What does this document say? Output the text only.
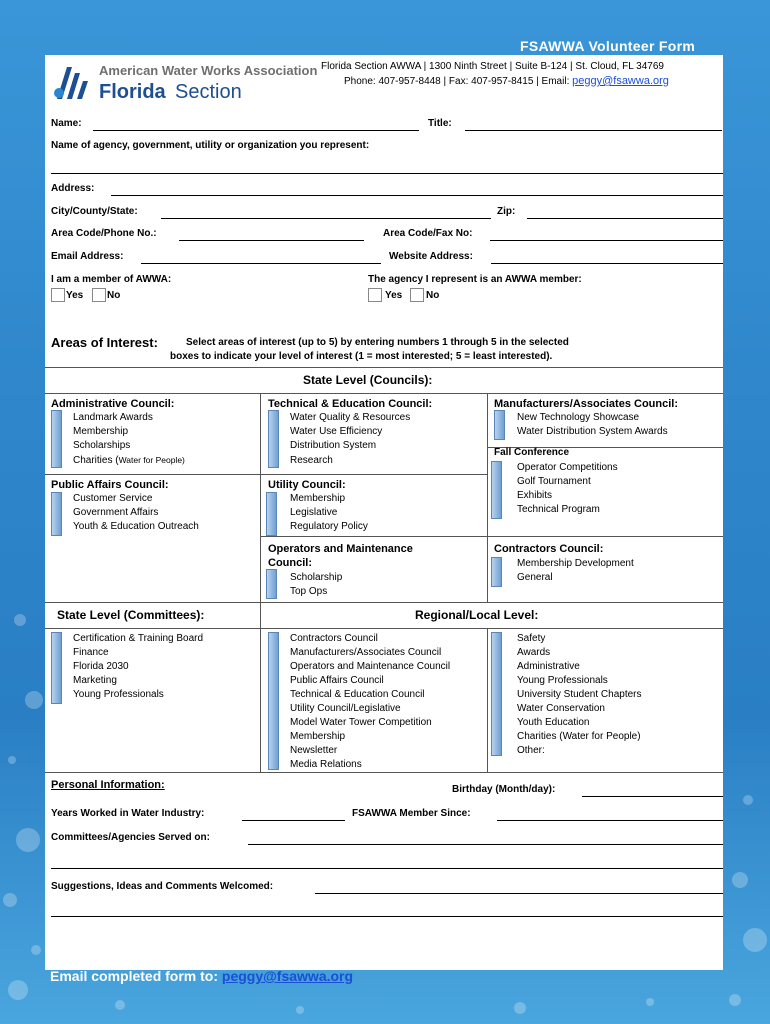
FSAWWA Volunteer Form
American Water Works Association
Florida Section
Florida Section AWWA | 1300 Ninth Street | Suite B-124 | St. Cloud, FL 34769
Phone: 407-957-8448 | Fax: 407-957-8415 | Email: peggy@fsawwa.org
Name:	Title:
Name of agency, government, utility or organization you represent:
Address:
City/County/State:	Zip:
Area Code/Phone No.:	Area Code/Fax No:
Email Address:	Website Address:
I am a member of AWWA:
Yes No
The agency I represent is an AWWA member:
Yes No
Areas of Interest:	Select areas of interest (up to 5) by entering numbers 1 through 5 in the selected
boxes to indicate your level of interest (1 = most interested; 5 = least interested).
State Level (Councils):
Administrative Council:
Landmark Awards
Membership
Scholarships
Charities (Water for People)
Technical & Education Council:
Water Quality & Resources
Water Use Efficiency
Distribution System
Research
Manufacturers/Associates Council:
New Technology Showcase
Water Distribution System Awards
Fall Conference
Operator Competitions
Golf Tournament
Exhibits
Technical Program
Public Affairs Council:
Customer Service
Government Affairs
Youth & Education Outreach
Utility Council:
Membership
Legislative
Regulatory Policy
Operators and Maintenance
Council:
Scholarship
Top Ops
Contractors Council:
Membership Development
General
State Level (Committees):
Certification & Training Board
Finance
Florida 2030
Marketing
Young Professionals
Regional/Local Level:
Contractors Council
Manufacturers/Associates Council
Operators and Maintenance Council
Public Affairs Council
Technical & Education Council
Utility Council/Legislative
Model Water Tower Competition
Membership
Newsletter
Media Relations
Safety
Awards
Administrative
Young Professionals
University Student Chapters
Water Conservation
Youth Education
Charities (Water for People)
Other:
Personal Information:	Birthday (Month/day):
Years Worked in Water Industry:	FSAWWA Member Since:
Committees/Agencies Served on:
Suggestions, Ideas and Comments Welcomed:
Email completed form to: peggy@fsawwa.org
